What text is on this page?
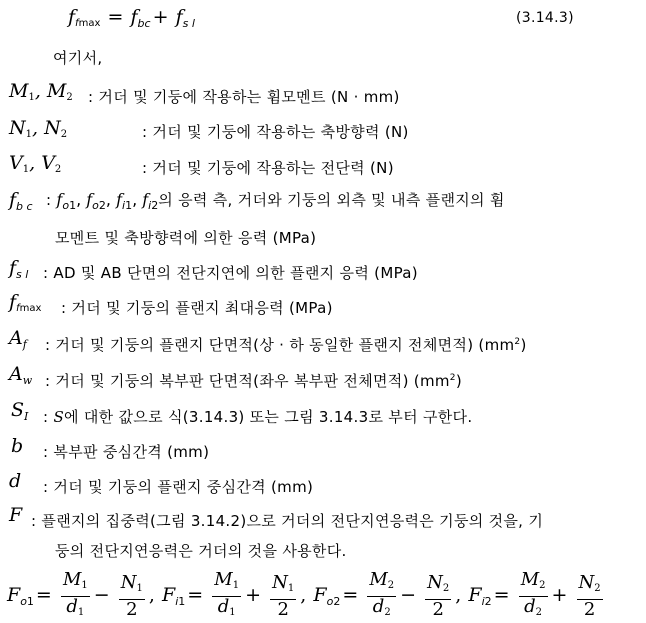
$f_{fmax} = f_{bc} + f_{s l}$	(3.14.3)
여기서,
$M_1$, $M_2$ : 거더 및 기둥에 작용하는 휨모멘트 (N · mm)
$N_1$, $N_2$	: 거더 및 기둥에 작용하는 축방향력 (N)
$V_1$, $V_2$	: 거더 및 기둥에 작용하는 전단력 (N)
$f_{b c}$ : $f_{o1}$, $f_{o2}$, $f_{i1}$, $f_{i2}$의 응력 측, 거더와 기둥의 외측 및 내측 플랜지의 휨
모멘트 및 축방향력에 의한 응력 (MPa)
$f_{s l}$ : AD 및 AB 단면의 전단지연에 의한 플랜지 응력 (MPa)
$f_{fmax}$ : 거더 및 기둥의 플랜지 최대응력 (MPa)
$A_f$ : 거더 및 기둥의 플랜지 단면적(상 · 하 동일한 플랜지 전체면적) $(mm^2)$
$A_w$ : 거더 및 기둥의 복부판 단면적(좌우 복부판 전체면적) $(mm^2)$
$S_I$ : S에 대한 값으로 식(3.14.3) 또는 그림 3.14.3로 부터 구한다.
b : 복부판 중심간격 (mm)
d : 거더 및 기둥의 플랜지 중심간격 (mm)
F : 플랜지의 집중력(그림 3.14.2)으로 거더의 전단지연응력은 기둥의 것을, 기
둥의 전단지연응력은 거더의 것을 사용한다.
$F_{o1} = \frac{M_1}{d_1} - \frac{N_1}{2}$ , $F_{i1} = \frac{M_1}{d_1} + \frac{N_1}{2}$ , $F_{o2} = \frac{M_2}{d_2} - \frac{N_2}{2}$ , $F_{i2} = \frac{M_2}{d_2} + \frac{N_2}{2}$
